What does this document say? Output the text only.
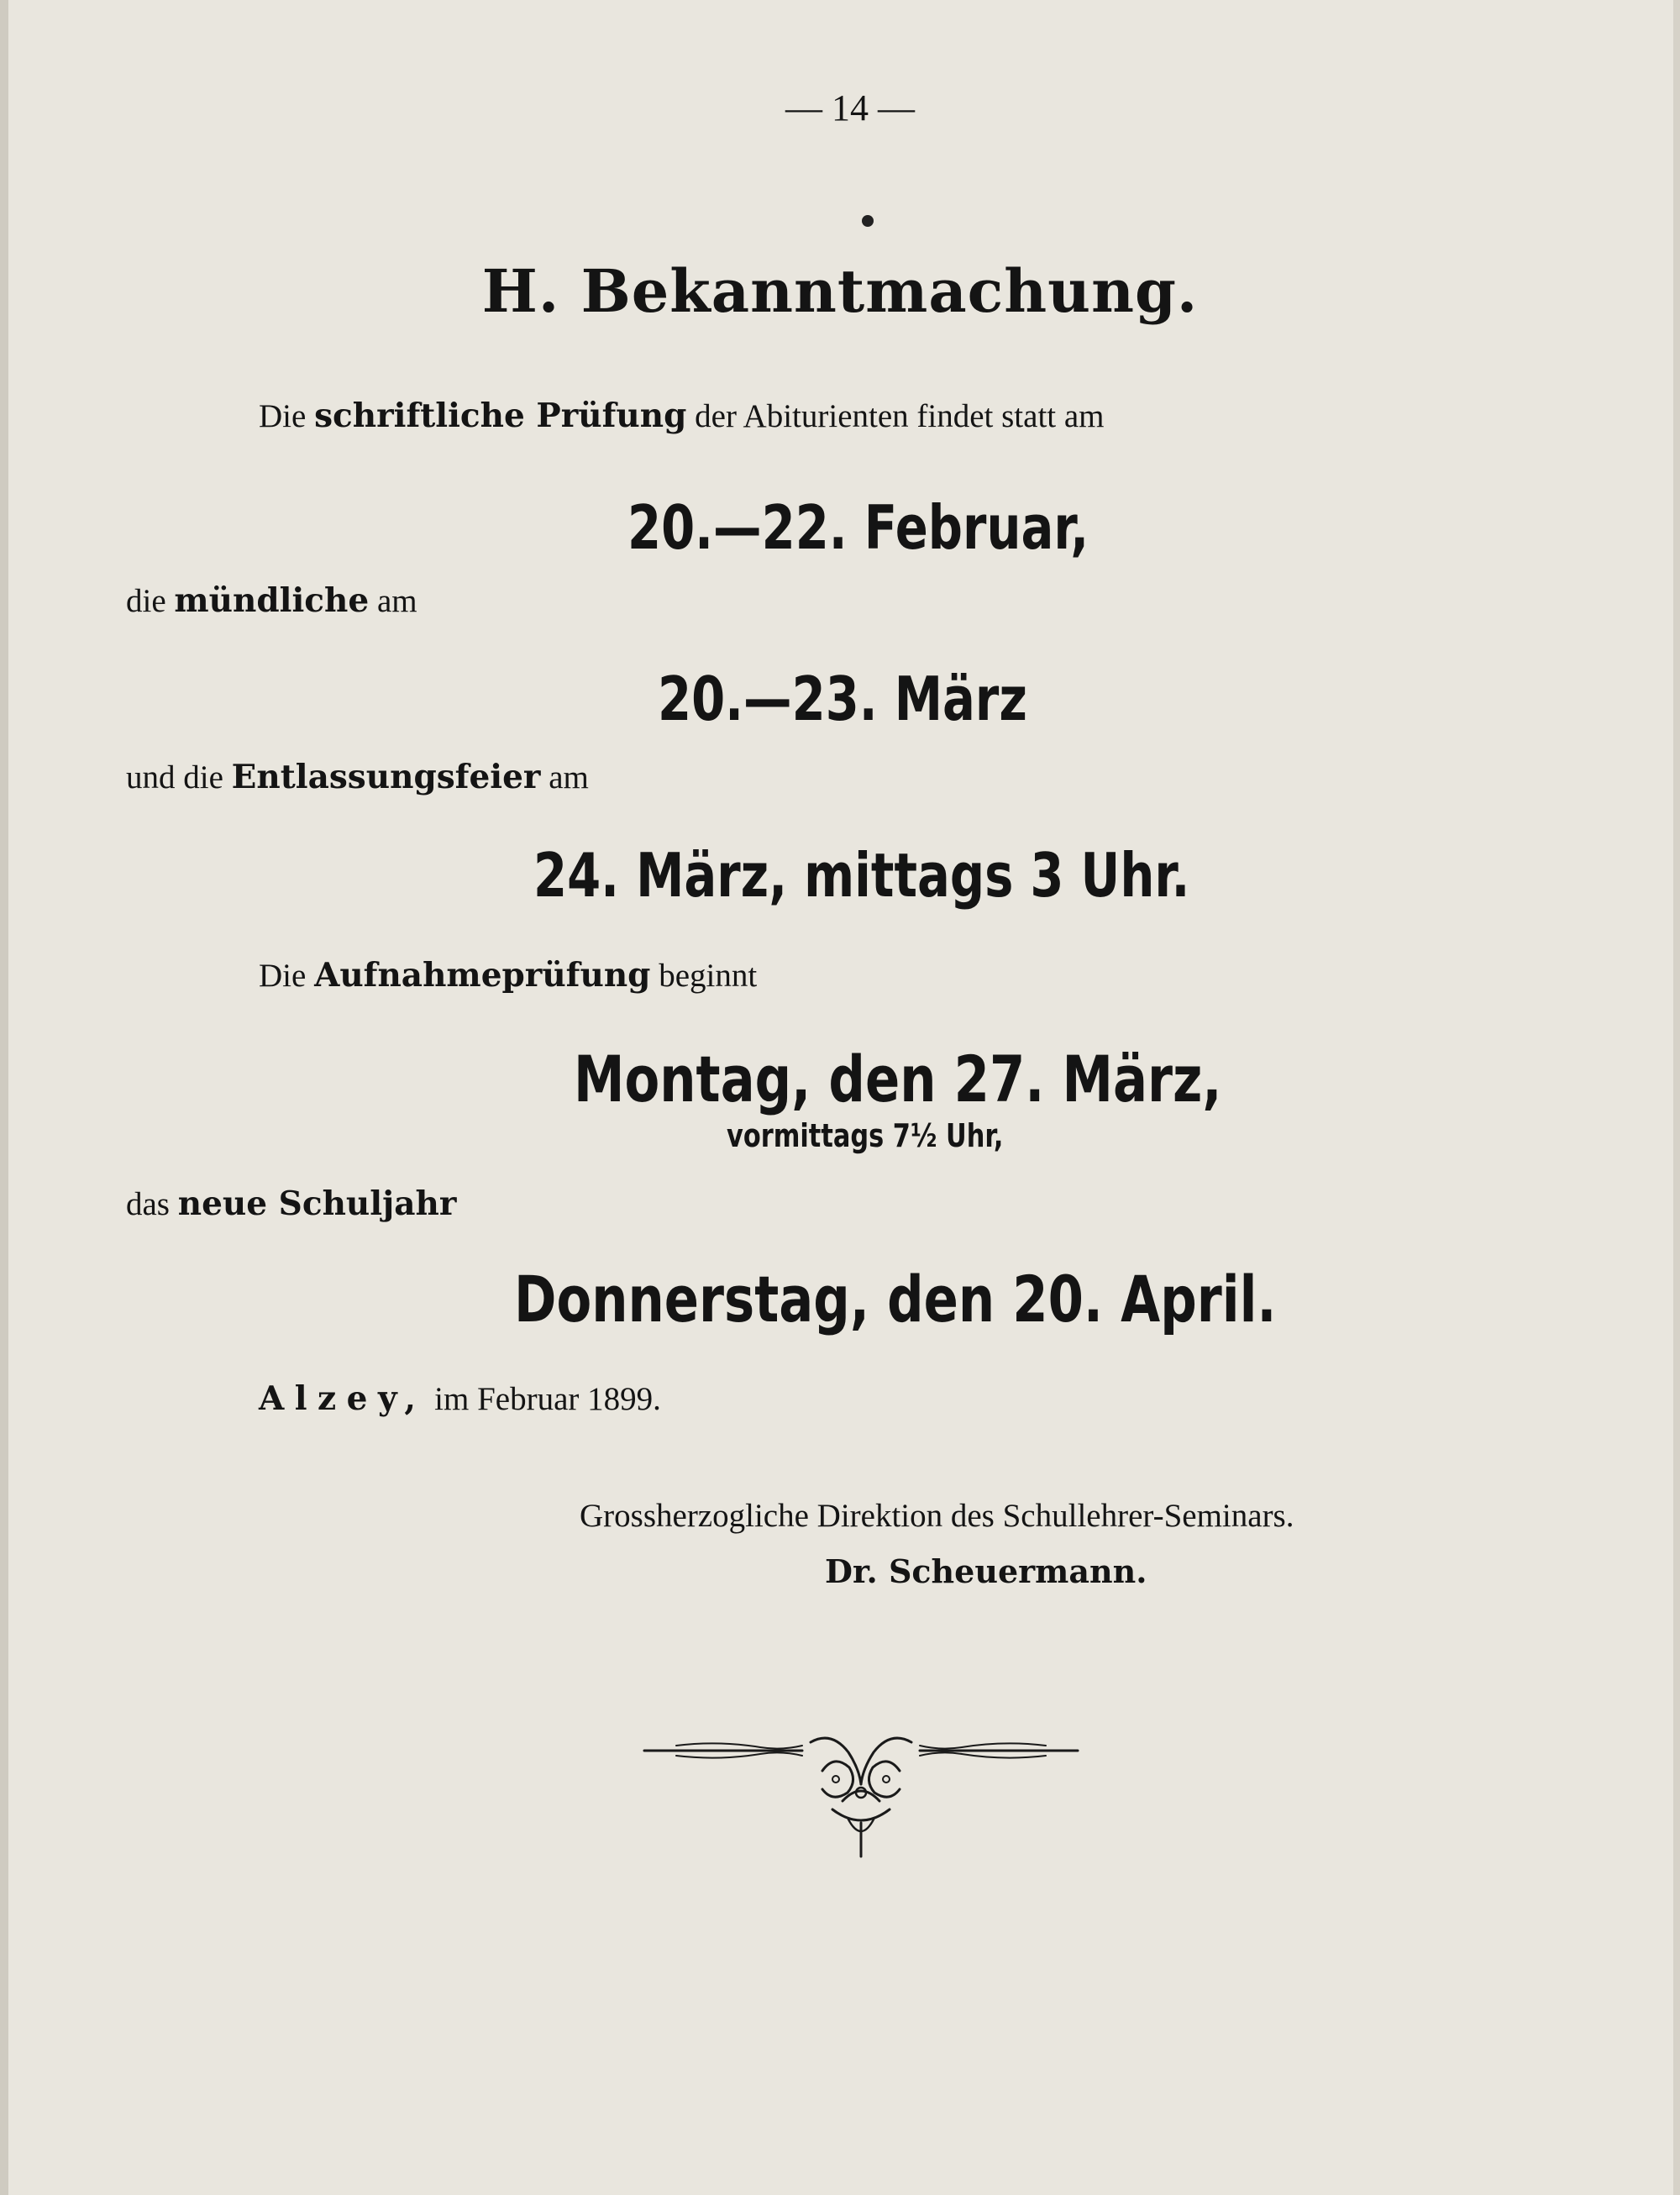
— 14 —
H. Bekanntmachung.
Die schriftliche Prüfung der Abiturienten findet statt am
20.—22. Februar,
die mündliche am
20.—23. März
und die Entlassungsfeier am
24. März, mittags 3 Uhr.
Die Aufnahmeprüfung beginnt
Montag, den 27. März,
vormittags 7½ Uhr,
das neue Schuljahr
Donnerstag, den 20. April.
Alzey, im Februar 1899.
Grossherzogliche Direktion des Schullehrer-Seminars.
Dr. Scheuermann.
